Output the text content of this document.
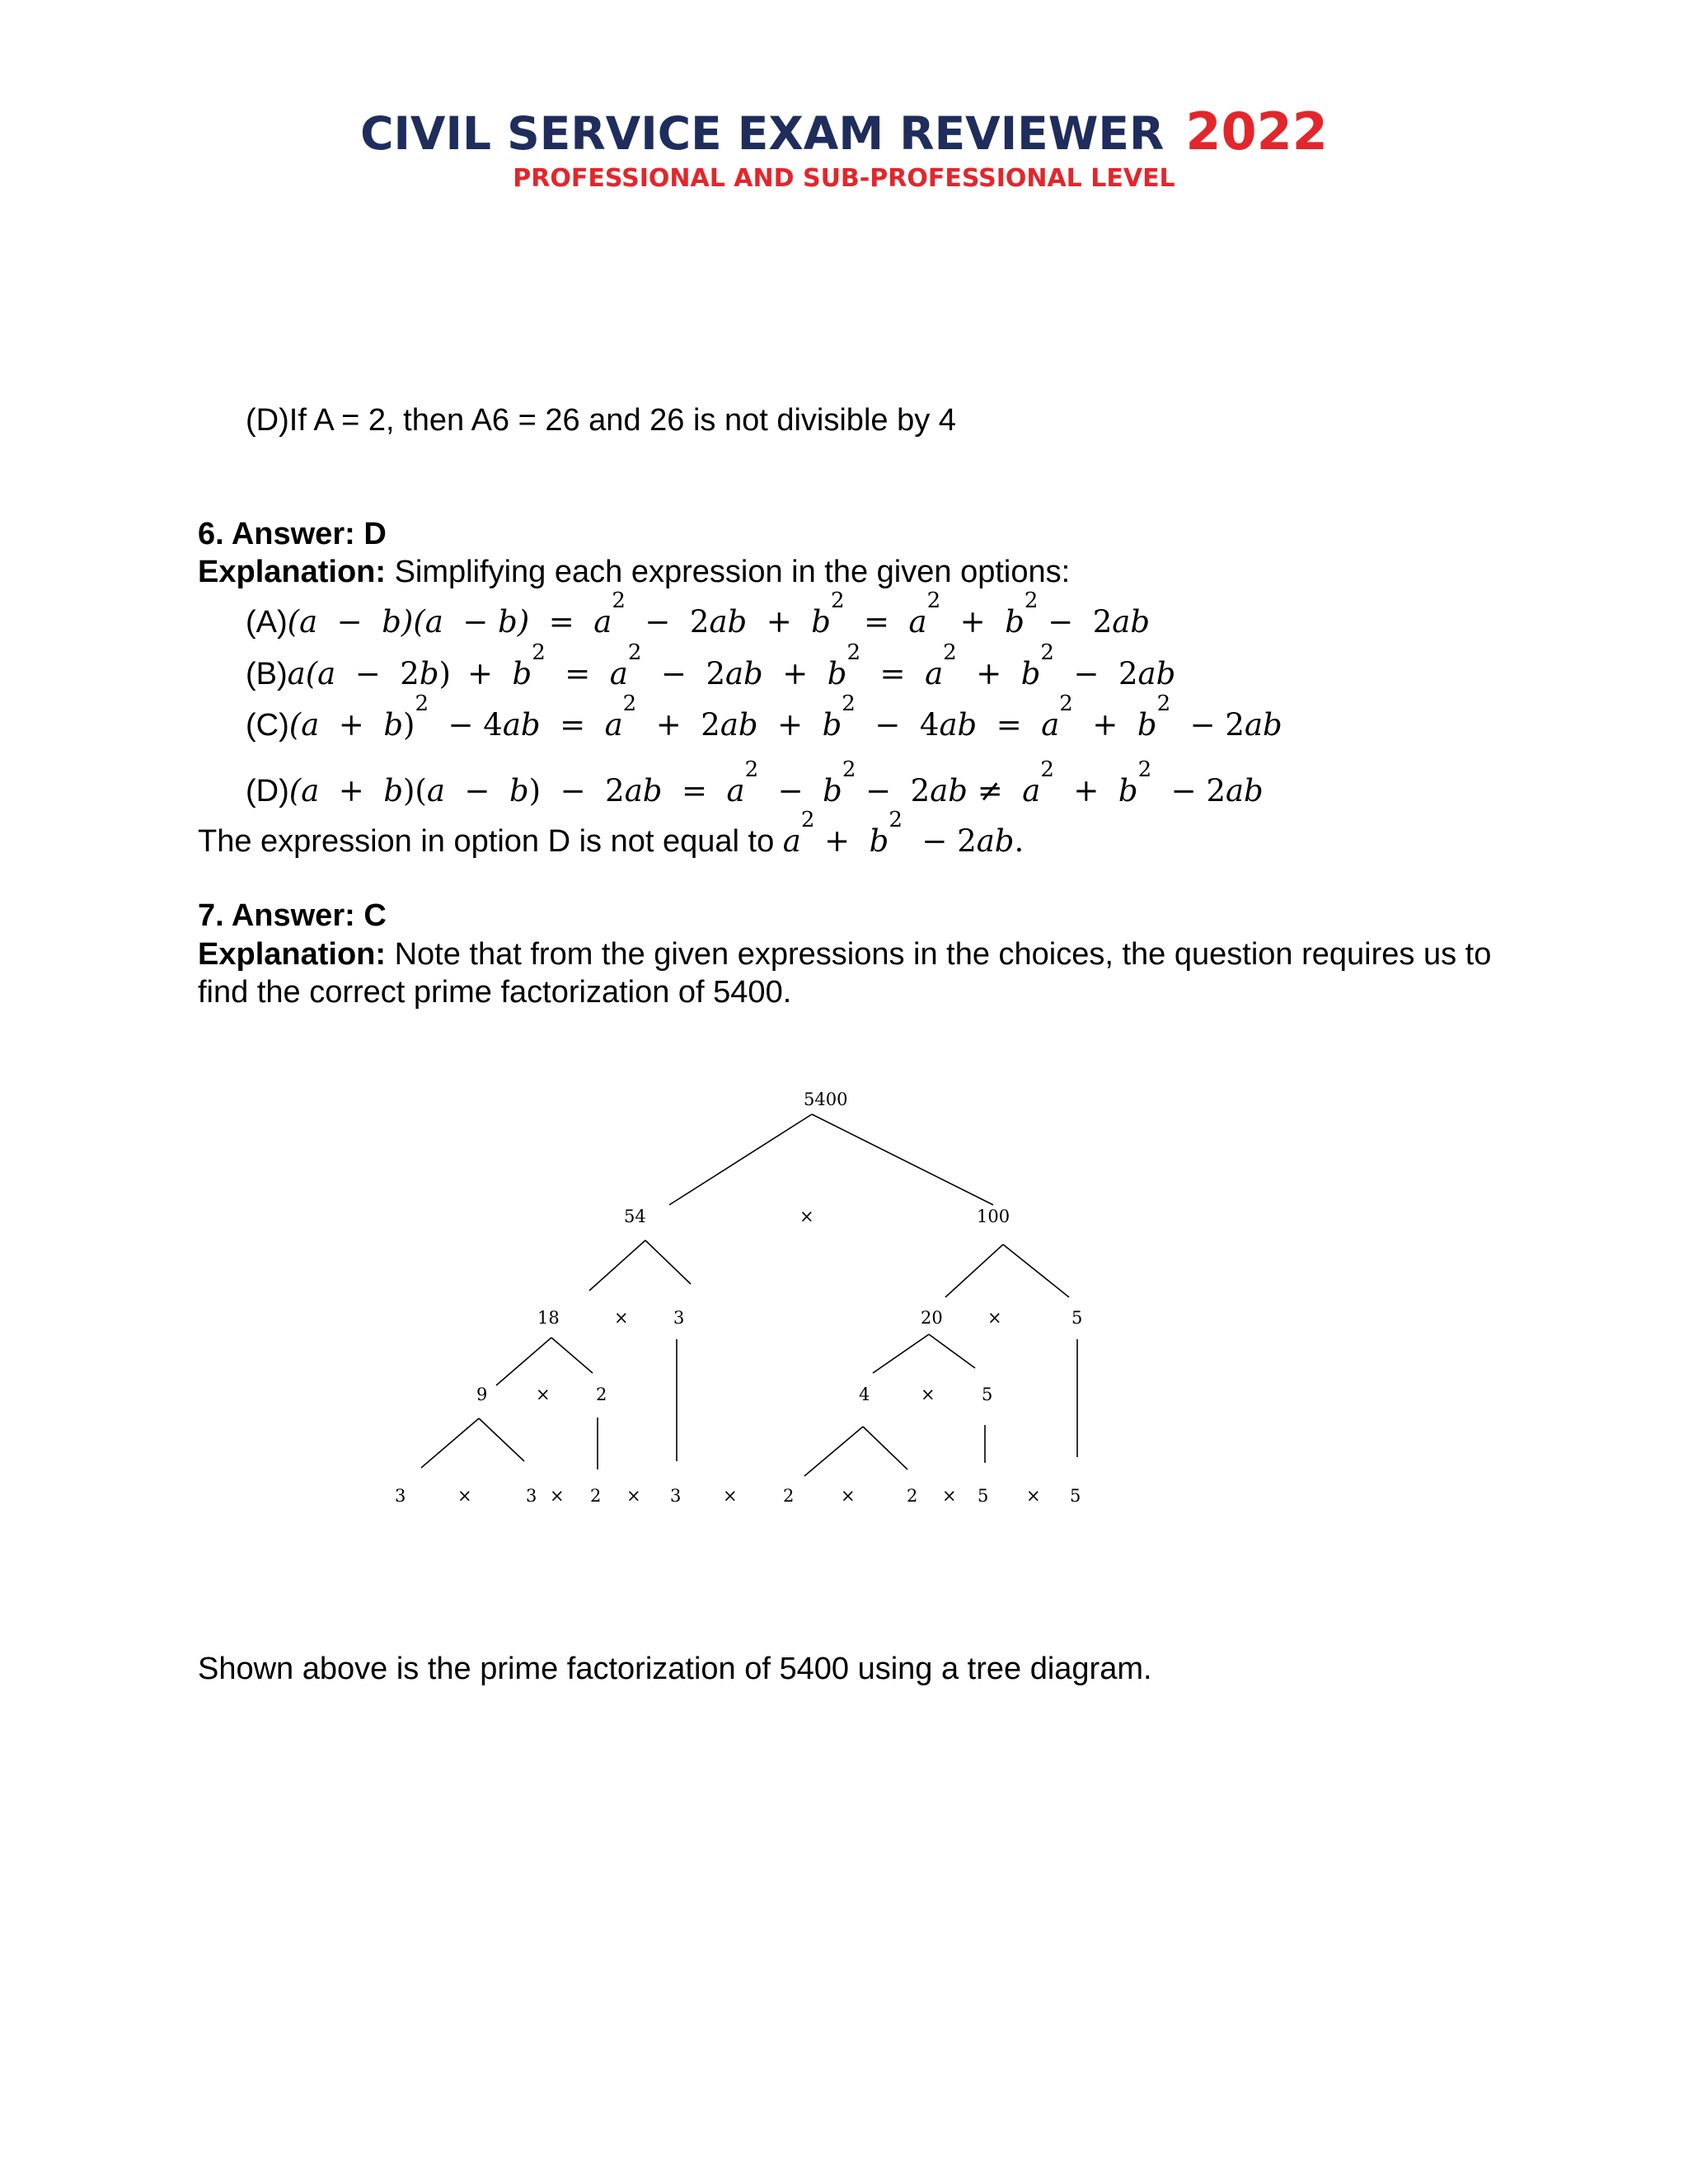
CIVIL SERVICE EXAM REVIEWER 2022
PROFESSIONAL AND SUB-PROFESSIONAL LEVEL
(D)If A = 2, then A6 = 26 and 26 is not divisible by 4
6. Answer: D
Explanation: Simplifying each expression in the given options:
$(A)(a - b)(a - b) = a^2 - 2ab + b^2 = a^2 + b^2 - 2ab$
$(B)a(a - 2b) + b^2 = a^2 - 2ab + b^2 = a^2 + b^2 - 2ab$
$(C)(a + b)^2 - 4ab = a^2 + 2ab + b^2 - 4ab = a^2 + b^2 - 2ab$
$(D)(a + b)(a - b) - 2ab = a^2 - b^2 - 2ab \ne a^2 + b^2 - 2ab$
The expression in option D is not equal to $a^2 + b^2 - 2ab$.
7. Answer: C
Explanation: Note that from the given expressions in the choices, the question requires us to find the correct prime factorization of 5400.
5400
54	×	100
18	×	3	20	×	5
9	×	2	4	×	5
3	×	3 × 2 × 3 ×	2	×	2 × 5 × 5
Shown above is the prime factorization of 5400 using a tree diagram.
